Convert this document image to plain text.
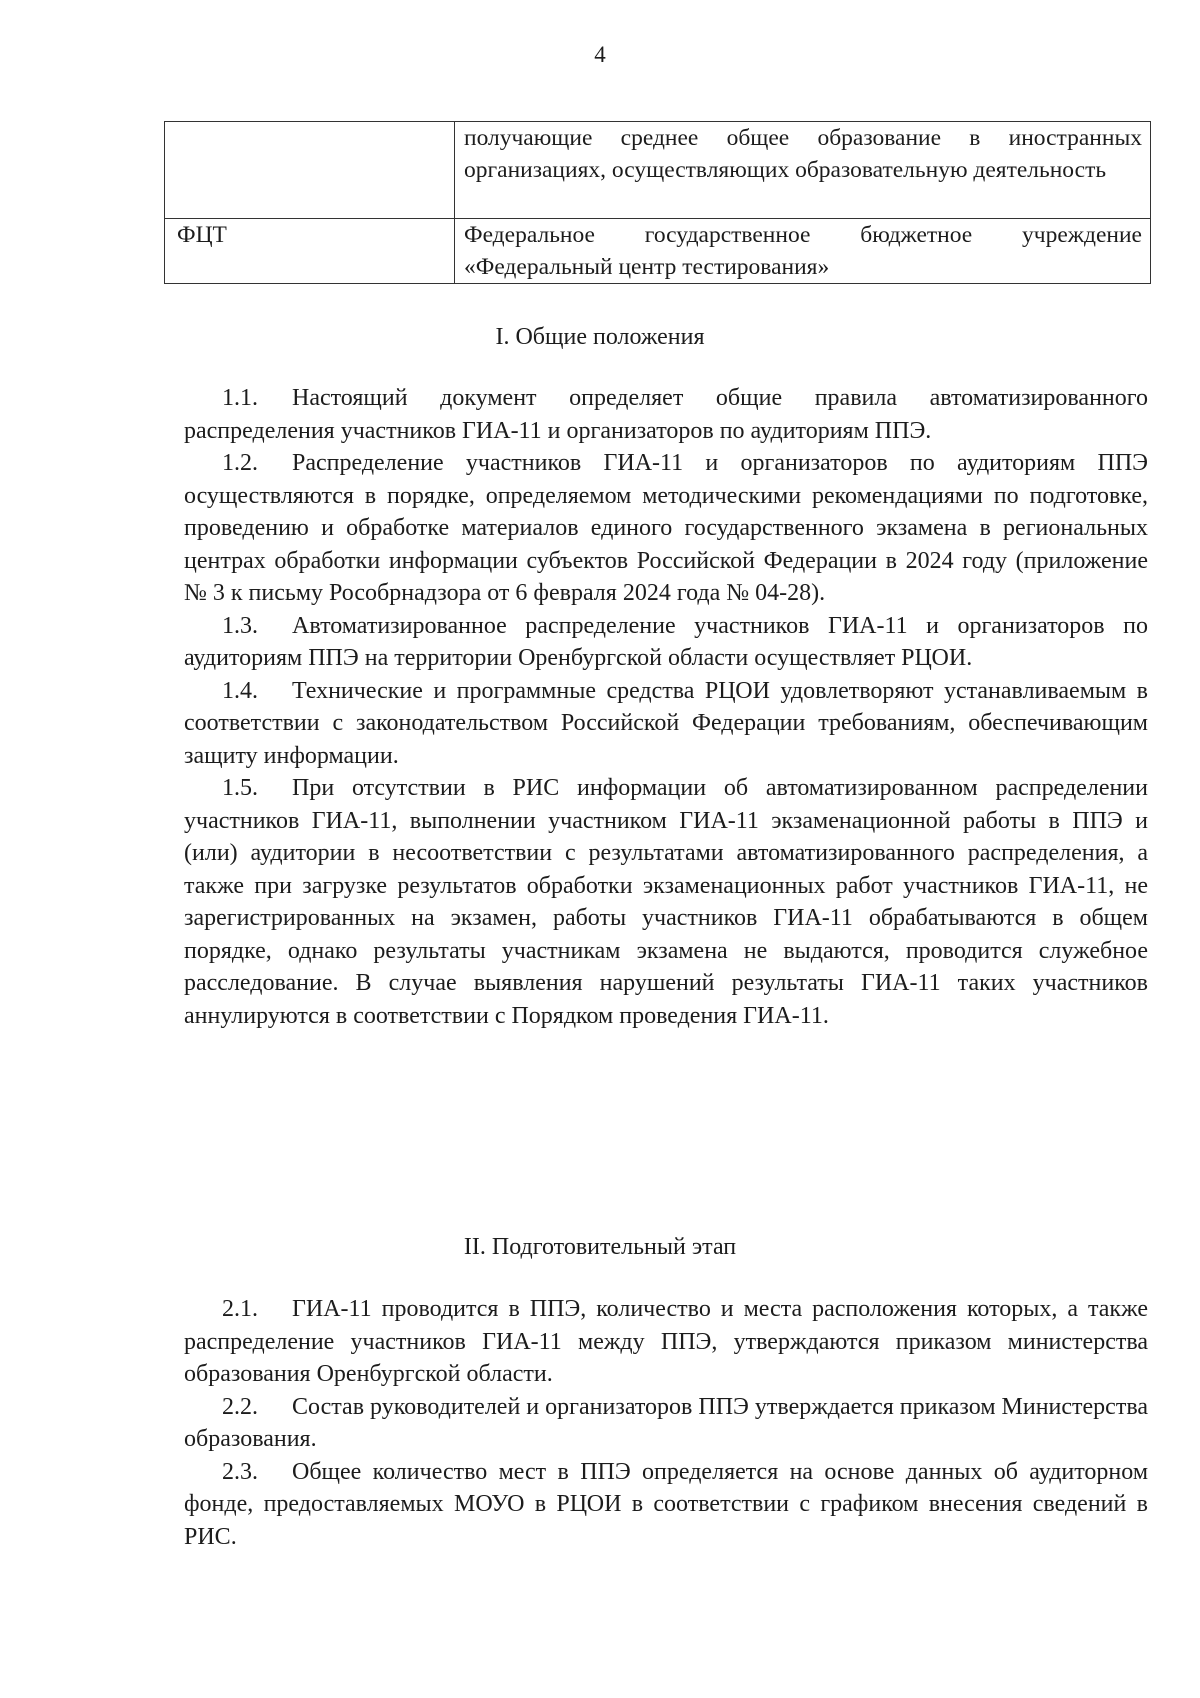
4
	получающие среднее общее образование в иностранных организациях, осуществляющих образовательную деятельность
ФЦТ	Федеральное государственное бюджетное учреждение «Федеральный центр тестирования»
I. Общие положения

1.1. Настоящий документ определяет общие правила автоматизированного распределения участников ГИА-11 и организаторов по аудиториям ППЭ.

1.2. Распределение участников ГИА-11 и организаторов по аудиториям ППЭ осуществляются в порядке, определяемом методическими рекомендациями по подготовке, проведению и обработке материалов единого государственного экзамена в региональных центрах обработки информации субъектов Российской Федерации в 2024 году (приложение № 3 к письму Рособрнадзора от 6 февраля 2024 года № 04-28).

1.3. Автоматизированное распределение участников ГИА-11 и организаторов по аудиториям ППЭ на территории Оренбургской области осуществляет РЦОИ.

1.4. Технические и программные средства РЦОИ удовлетворяют устанавливаемым в соответствии с законодательством Российской Федерации требованиям, обеспечивающим защиту информации.

1.5. При отсутствии в РИС информации об автоматизированном распределении участников ГИА-11, выполнении участником ГИА-11 экзаменационной работы в ППЭ и (или) аудитории в несоответствии с результатами автоматизированного распределения, а также при загрузке результатов обработки экзаменационных работ участников ГИА-11, не зарегистрированных на экзамен, работы участников ГИА-11 обрабатываются в общем порядке, однако результаты участникам экзамена не выдаются, проводится служебное расследование. В случае выявления нарушений результаты ГИА-11 таких участников аннулируются в соответствии с Порядком проведения ГИА-11.

II. Подготовительный этап

2.1. ГИА-11 проводится в ППЭ, количество и места расположения которых, а также распределение участников ГИА-11 между ППЭ, утверждаются приказом министерства образования Оренбургской области.

2.2. Состав руководителей и организаторов ППЭ утверждается приказом Министерства образования.

2.3. Общее количество мест в ППЭ определяется на основе данных об аудиторном фонде, предоставляемых МОУО в РЦОИ в соответствии с графиком внесения сведений в РИС.
